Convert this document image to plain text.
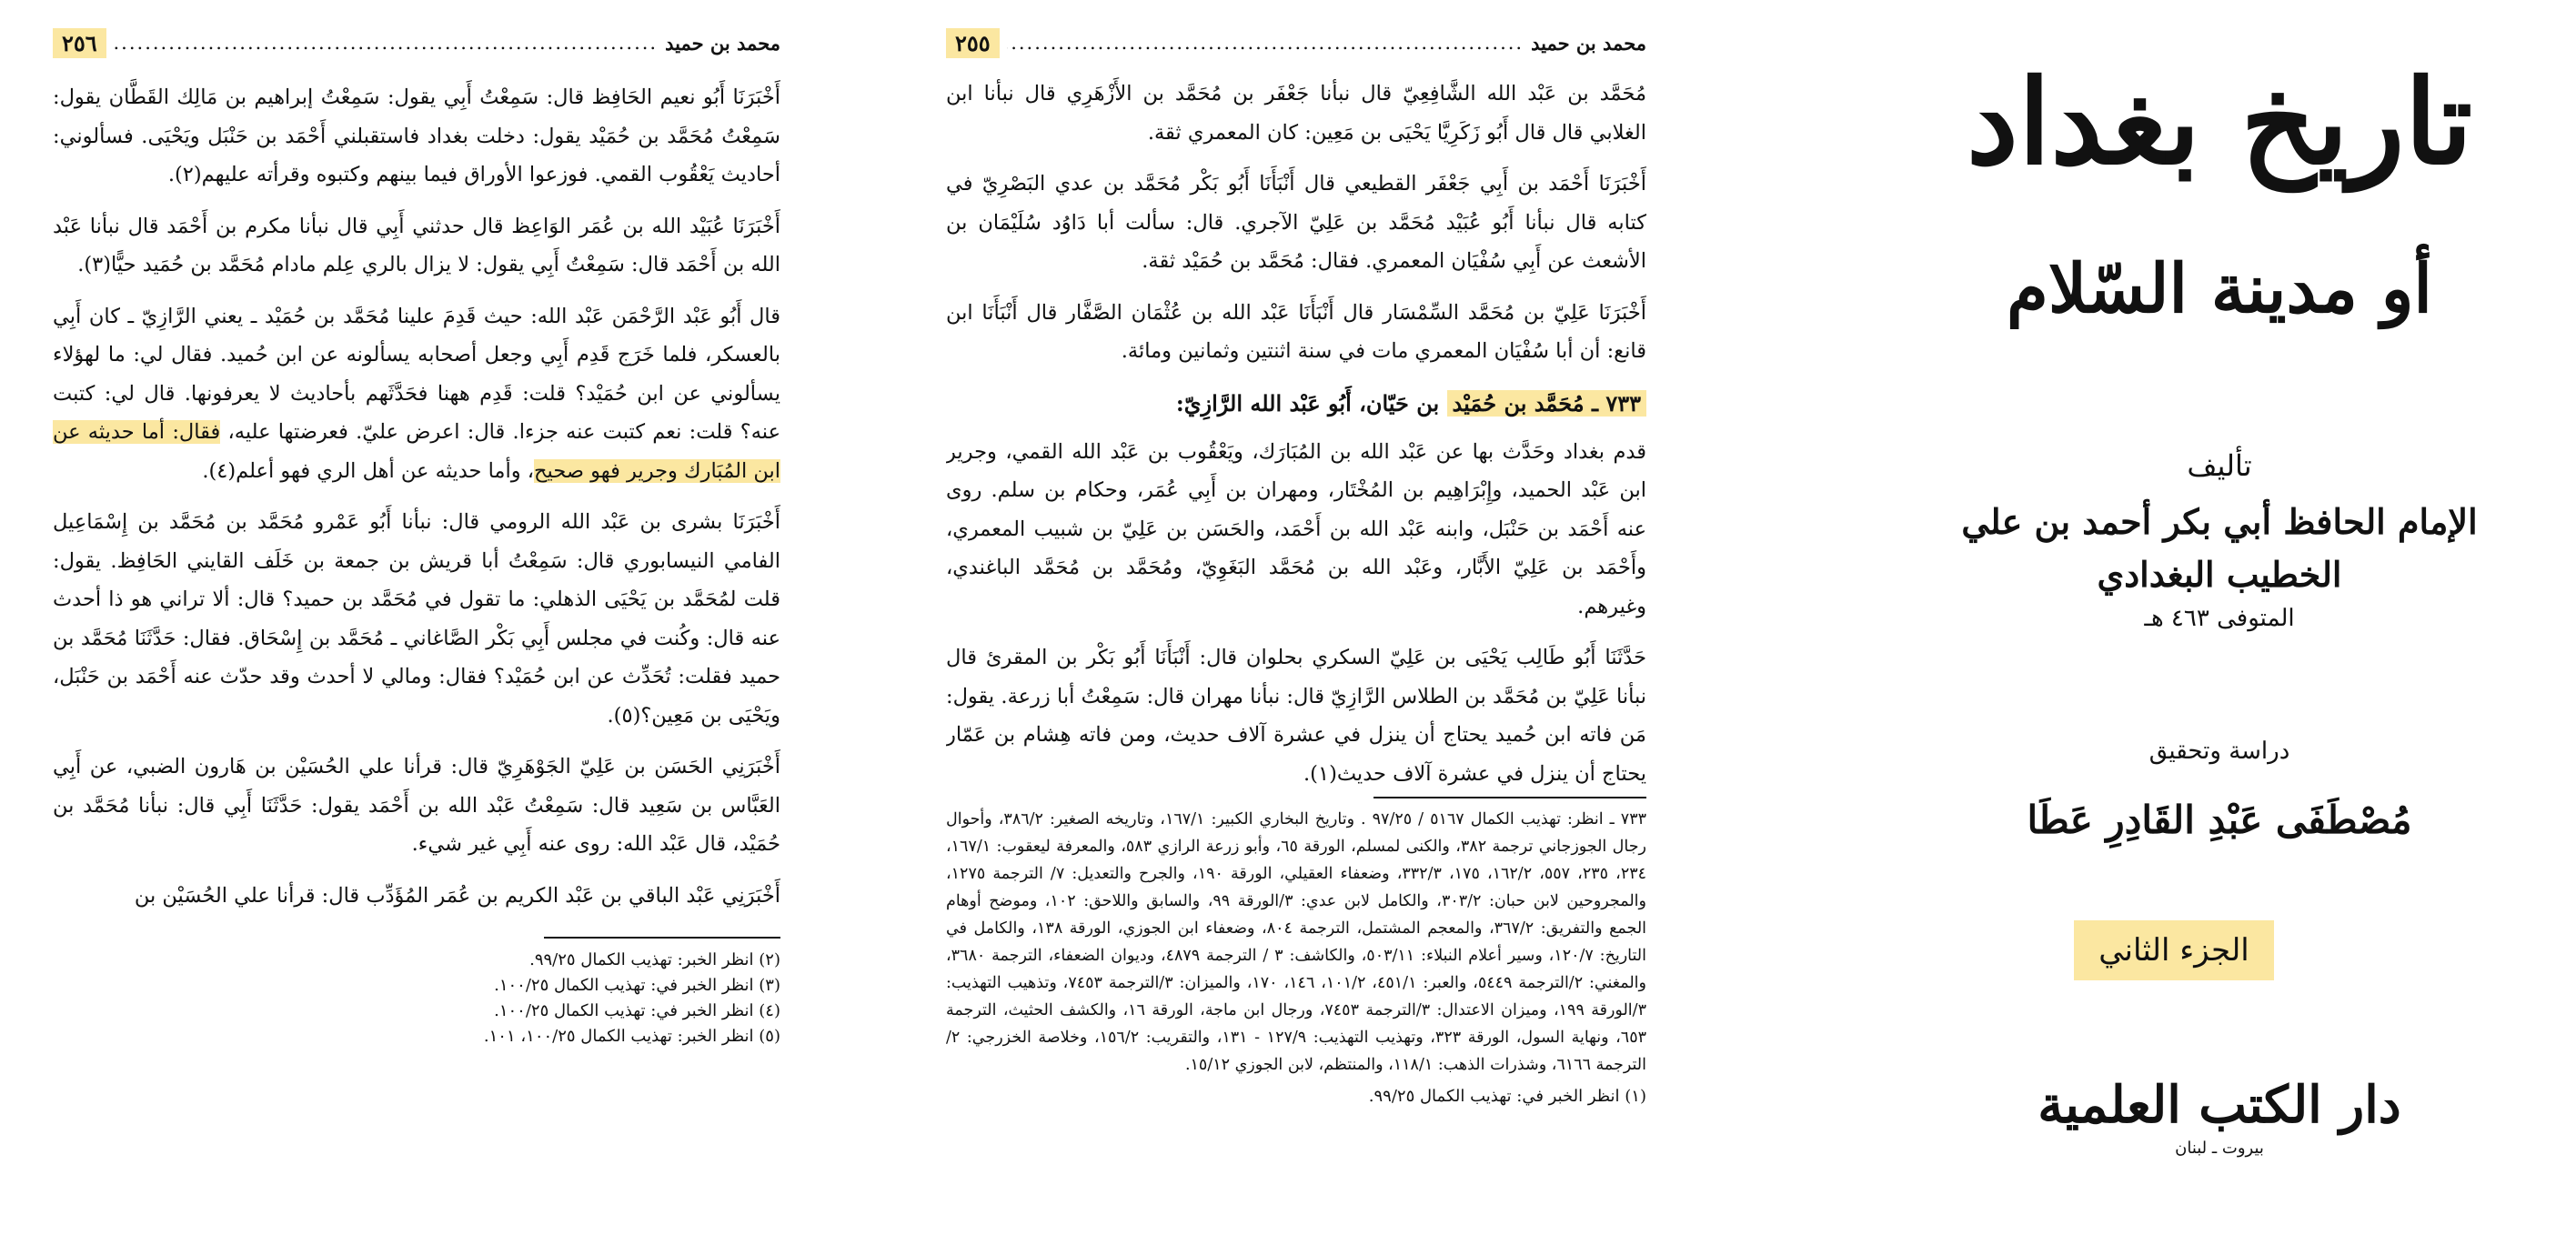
محمد بن حميد
.....
٢٥٦

أَخْبَرَنَا أَبُو نعيم الحَافِظ قال: سَمِعْتُ أَبِي يقول: سَمِعْتُ إبراهيم بن مَالِك القَطَّان يقول: سَمِعْتُ مُحَمَّد بن حُمَيْد يقول: دخلت بغداد فاستقبلني أَحْمَد بن حَنْبَل ويَحْيَى. فسألوني: أحاديث يَعْقُوب القمي. فوزعوا الأوراق فيما بينهم وكتبوه وقرأته عليهم(٢).

أَخْبَرَنَا عُبَيْد الله بن عُمَر الوَاعِظ قال حدثني أَبِي قال نبأنا مكرم بن أَحْمَد قال نبأنا عَبْد الله بن أَحْمَد قال: سَمِعْتُ أَبِي يقول: لا يزال بالري عِلم مادام مُحَمَّد بن حُمَيد حيًّا(٣).

قال أَبُو عَبْد الرَّحْمَن عَبْد الله: حيث قَدِمَ علينا مُحَمَّد بن حُمَيْد ـ يعني الرَّازِيّ ـ كان أَبِي بالعسكر، فلما خَرَج قَدِم أَبِي وجعل أصحابه يسألونه عن ابن حُميد. فقال لي: ما لهؤلاء يسألوني عن ابن حُمَيْد؟ قلت: قَدِم ههنا فحَدَّثَهم بأحاديث لا يعرفونها. قال لي: كتبت عنه؟ قلت: نعم كتبت عنه جزءا. قال: اعرض عليّ. فعرضتها عليه، فقال: أما حديثه عن ابن المُبَارك وجرير فهو صحيح، وأما حديثه عن أهل الري فهو أعلم(٤).

أَخْبَرَنَا بشرى بن عَبْد الله الرومي قال: نبأنا أَبُو عَمْرو مُحَمَّد بن مُحَمَّد بن إِسْمَاعِيل الفامي النيسابوري قال: سَمِعْتُ أبا قريش بن جمعة بن خَلَف القايني الحَافِظ. يقول: قلت لمُحَمَّد بن يَحْيَى الذهلي: ما تقول في مُحَمَّد بن حميد؟ قال: ألا تراني هو ذا أحدث عنه قال: وكُنت في مجلس أَبِي بَكْر الصَّاغاني ـ مُحَمَّد بن إِسْحَاق. فقال: حَدَّثَنَا مُحَمَّد بن حميد فقلت: تُحَدِّث عن ابن حُمَيْد؟ فقال: ومالي لا أحدث وقد حدّث عنه أَحْمَد بن حَنْبَل، ويَحْيَى بن مَعِين؟(٥).

أَخْبَرَنِي الحَسَن بن عَلِيّ الجَوْهَرِيّ قال: قرأنا علي الحُسَيْن بن هَارون الضبي، عن أَبِي العَبَّاس بن سَعِيد قال: سَمِعْتُ عَبْد الله بن أَحْمَد يقول: حَدَّثَنَا أَبِي قال: نبأنا مُحَمَّد بن حُمَيْد، قال عَبْد الله: روى عنه أَبِي غير شيء.

أَخْبَرَنِي عَبْد الباقي بن عَبْد الكريم بن عُمَر المُؤَدِّب قال: قرأنا علي الحُسَيْن بن

(٢) انظر الخبر: تهذيب الكمال ٩٩/٢٥.

(٣) انظر الخبر في: تهذيب الكمال ١٠٠/٢٥.

(٤) انظر الخبر في: تهذيب الكمال ١٠٠/٢٥.

(٥) انظر الخبر: تهذيب الكمال ١٠٠/٢٥، ١٠١.

محمد بن حميد
.....
٢٥٥

مُحَمَّد بن عَبْد الله الشَّافِعِيّ قال نبأنا جَعْفَر بن مُحَمَّد بن الأَزْهَرِي قال نبأنا ابن الغلابي قال قال أَبُو زَكَرِيَّا يَحْيَى بن مَعِين: كان المعمري ثقة.

أَخْبَرَنَا أَحْمَد بن أَبِي جَعْفَر القطيعي قال أَنْبَأَنَا أَبُو بَكْر مُحَمَّد بن عدي البَصْرِيّ في كتابه قال نبأنا أَبُو عُبَيْد مُحَمَّد بن عَلِيّ الآجري. قال: سألت أبا دَاوُد سُلَيْمَان بن الأشعث عن أَبِي سُفْيَان المعمري. فقال: مُحَمَّد بن حُمَيْد ثقة.

أَخْبَرَنَا عَلِيّ بن مُحَمَّد السِّمْسَار قال أَنْبَأَنَا عَبْد الله بن عُثْمَان الصَّفَّار قال أَنْبَأَنَا ابن قانع: أن أبا سُفْيَان المعمري مات في سنة اثنتين وثمانين ومائة.

٧٣٣ ـ مُحَمَّد بن حُمَيْد بن حَيّان، أَبُو عَبْد الله الرَّازِيّ:

قدم بغداد وحَدَّث بها عن عَبْد الله بن المُبَارَك، ويَعْقُوب بن عَبْد الله القمي، وجرير ابن عَبْد الحميد، وإِبْرَاهِيم بن المُخْتَار، ومهران بن أَبِي عُمَر، وحكام بن سلم. روى عنه أَحْمَد بن حَنْبَل، وابنه عَبْد الله بن أَحْمَد، والحَسَن بن عَلِيّ بن شبيب المعمري، وأَحْمَد بن عَلِيّ الأَبَّار، وعَبْد الله بن مُحَمَّد البَغَوِيّ، ومُحَمَّد بن مُحَمَّد الباغندي، وغيرهم.

حَدَّثَنَا أَبُو طَالِب يَحْيَى بن عَلِيّ السكري بحلوان قال: أَنْبَأَنَا أَبُو بَكْر بن المقرئ قال نبأنا عَلِيّ بن مُحَمَّد بن الطلاس الرَّازِيّ قال: نبأنا مهران قال: سَمِعْتُ أبا زرعة. يقول: مَن فاته ابن حُميد يحتاج أن ينزل في عشرة آلاف حديث، ومن فاته هِشام بن عَمّار يحتاج أن ينزل في عشرة آلاف حديث(١).

٧٣٣ ـ انظر: تهذيب الكمال ٥١٦٧ / ٩٧/٢٥ . وتاريخ البخاري الكبير: ١٦٧/١، وتاريخه الصغير: ٣٨٦/٢، وأحوال رجال الجوزجاني ترجمة ٣٨٢، والكنى لمسلم، الورقة ٦٥، وأبو زرعة الرازي ٥٨٣، والمعرفة ليعقوب: ١٦٧/١، ٢٣٤، ٢٣٥، ٥٥٧، ١٦٢/٢، ١٧٥، ٣٣٢/٣، وضعفاء العقيلي، الورقة ١٩٠، والجرح والتعديل: ٧/ الترجمة ١٢٧٥، والمجروحين لابن حبان: ٣٠٣/٢، والكامل لابن عدي: ٣/الورقة ٩٩، والسابق واللاحق: ١٠٢، وموضح أوهام الجمع والتفريق: ٣٦٧/٢، والمعجم المشتمل، الترجمة ٨٠٤، وضعفاء ابن الجوزي، الورقة ١٣٨، والكامل في التاريخ: ١٢٠/٧، وسير أعلام النبلاء: ٥٠٣/١١، والكاشف: ٣ / الترجمة ٤٨٧٩، وديوان الضعفاء، الترجمة ٣٦٨٠، والمغني: ٢/الترجمة ٥٤٤٩، والعبر: ٤٥١/١، ١٠١/٢، ١٤٦، ١٧٠، والميزان: ٣/الترجمة ٧٤٥٣، وتذهيب التهذيب: ٣/الورقة ١٩٩، وميزان الاعتدال: ٣/الترجمة ٧٤٥٣، ورجال ابن ماجة، الورقة ١٦، والكشف الحثيث، الترجمة ٦٥٣، ونهاية السول، الورقة ٣٢٣، وتهذيب التهذيب: ١٢٧/٩ - ١٣١، والتقريب: ١٥٦/٢، وخلاصة الخزرجي: ٢/الترجمة ٦١٦٦، وشذرات الذهب: ١١٨/١، والمنتظم، لابن الجوزي ١٥/١٢.

(١) انظر الخبر في: تهذيب الكمال ٩٩/٢٥.

تاريخ بغداد
أو مدينة السّلام
تأليف
الإمام الحافظ أبي بكر أحمد بن علي
الخطيب البغدادي
المتوفى ٤٦٣ هـ
دراسة وتحقيق
مُصْطَفَى عَبْدِ القَادِرِ عَطَا
الجزء الثاني
دار الكتب العلمية
بيروت ـ لبنان
